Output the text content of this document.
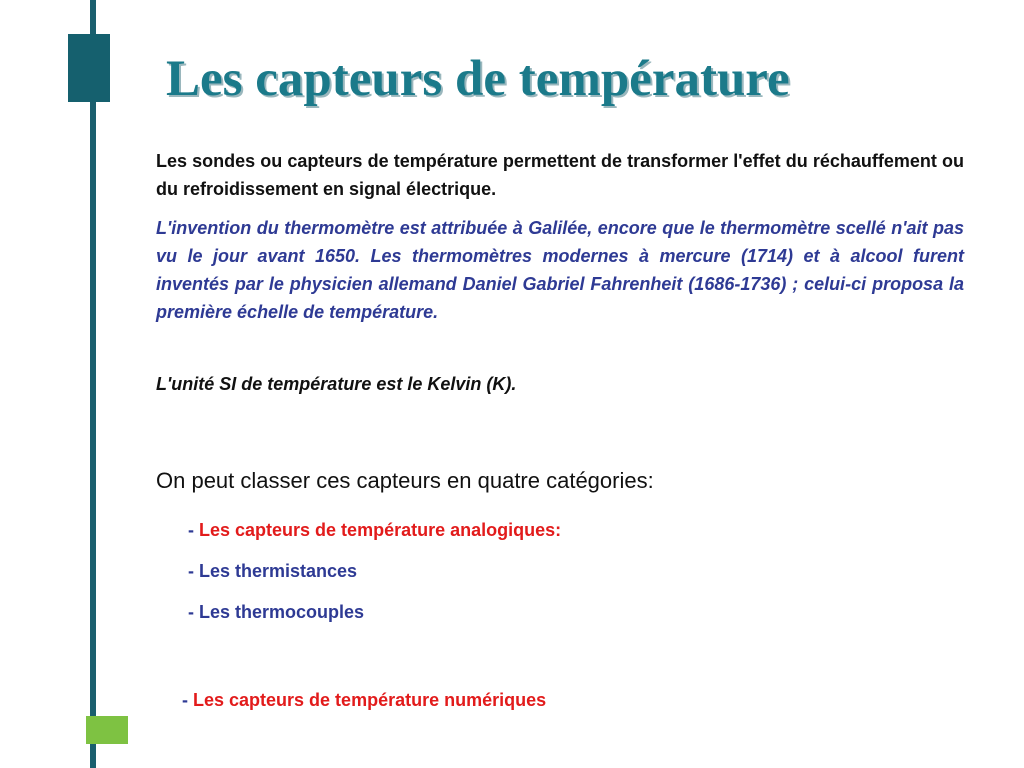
Les capteurs de température

Les sondes ou capteurs de température permettent de transformer l'effet du réchauffement ou du refroidissement en signal électrique.

L'invention du thermomètre est attribuée à Galilée, encore que le thermomètre scellé n'ait pas vu le jour avant 1650. Les thermomètres modernes à mercure (1714) et à alcool furent inventés par le physicien allemand Daniel Gabriel Fahrenheit (1686-1736) ; celui-ci proposa la première échelle de température.

L'unité SI de température est le Kelvin (K).

On peut classer ces capteurs en quatre catégories:

- Les capteurs de température analogiques:

- Les thermistances

- Les thermocouples

- Les capteurs de température numériques
